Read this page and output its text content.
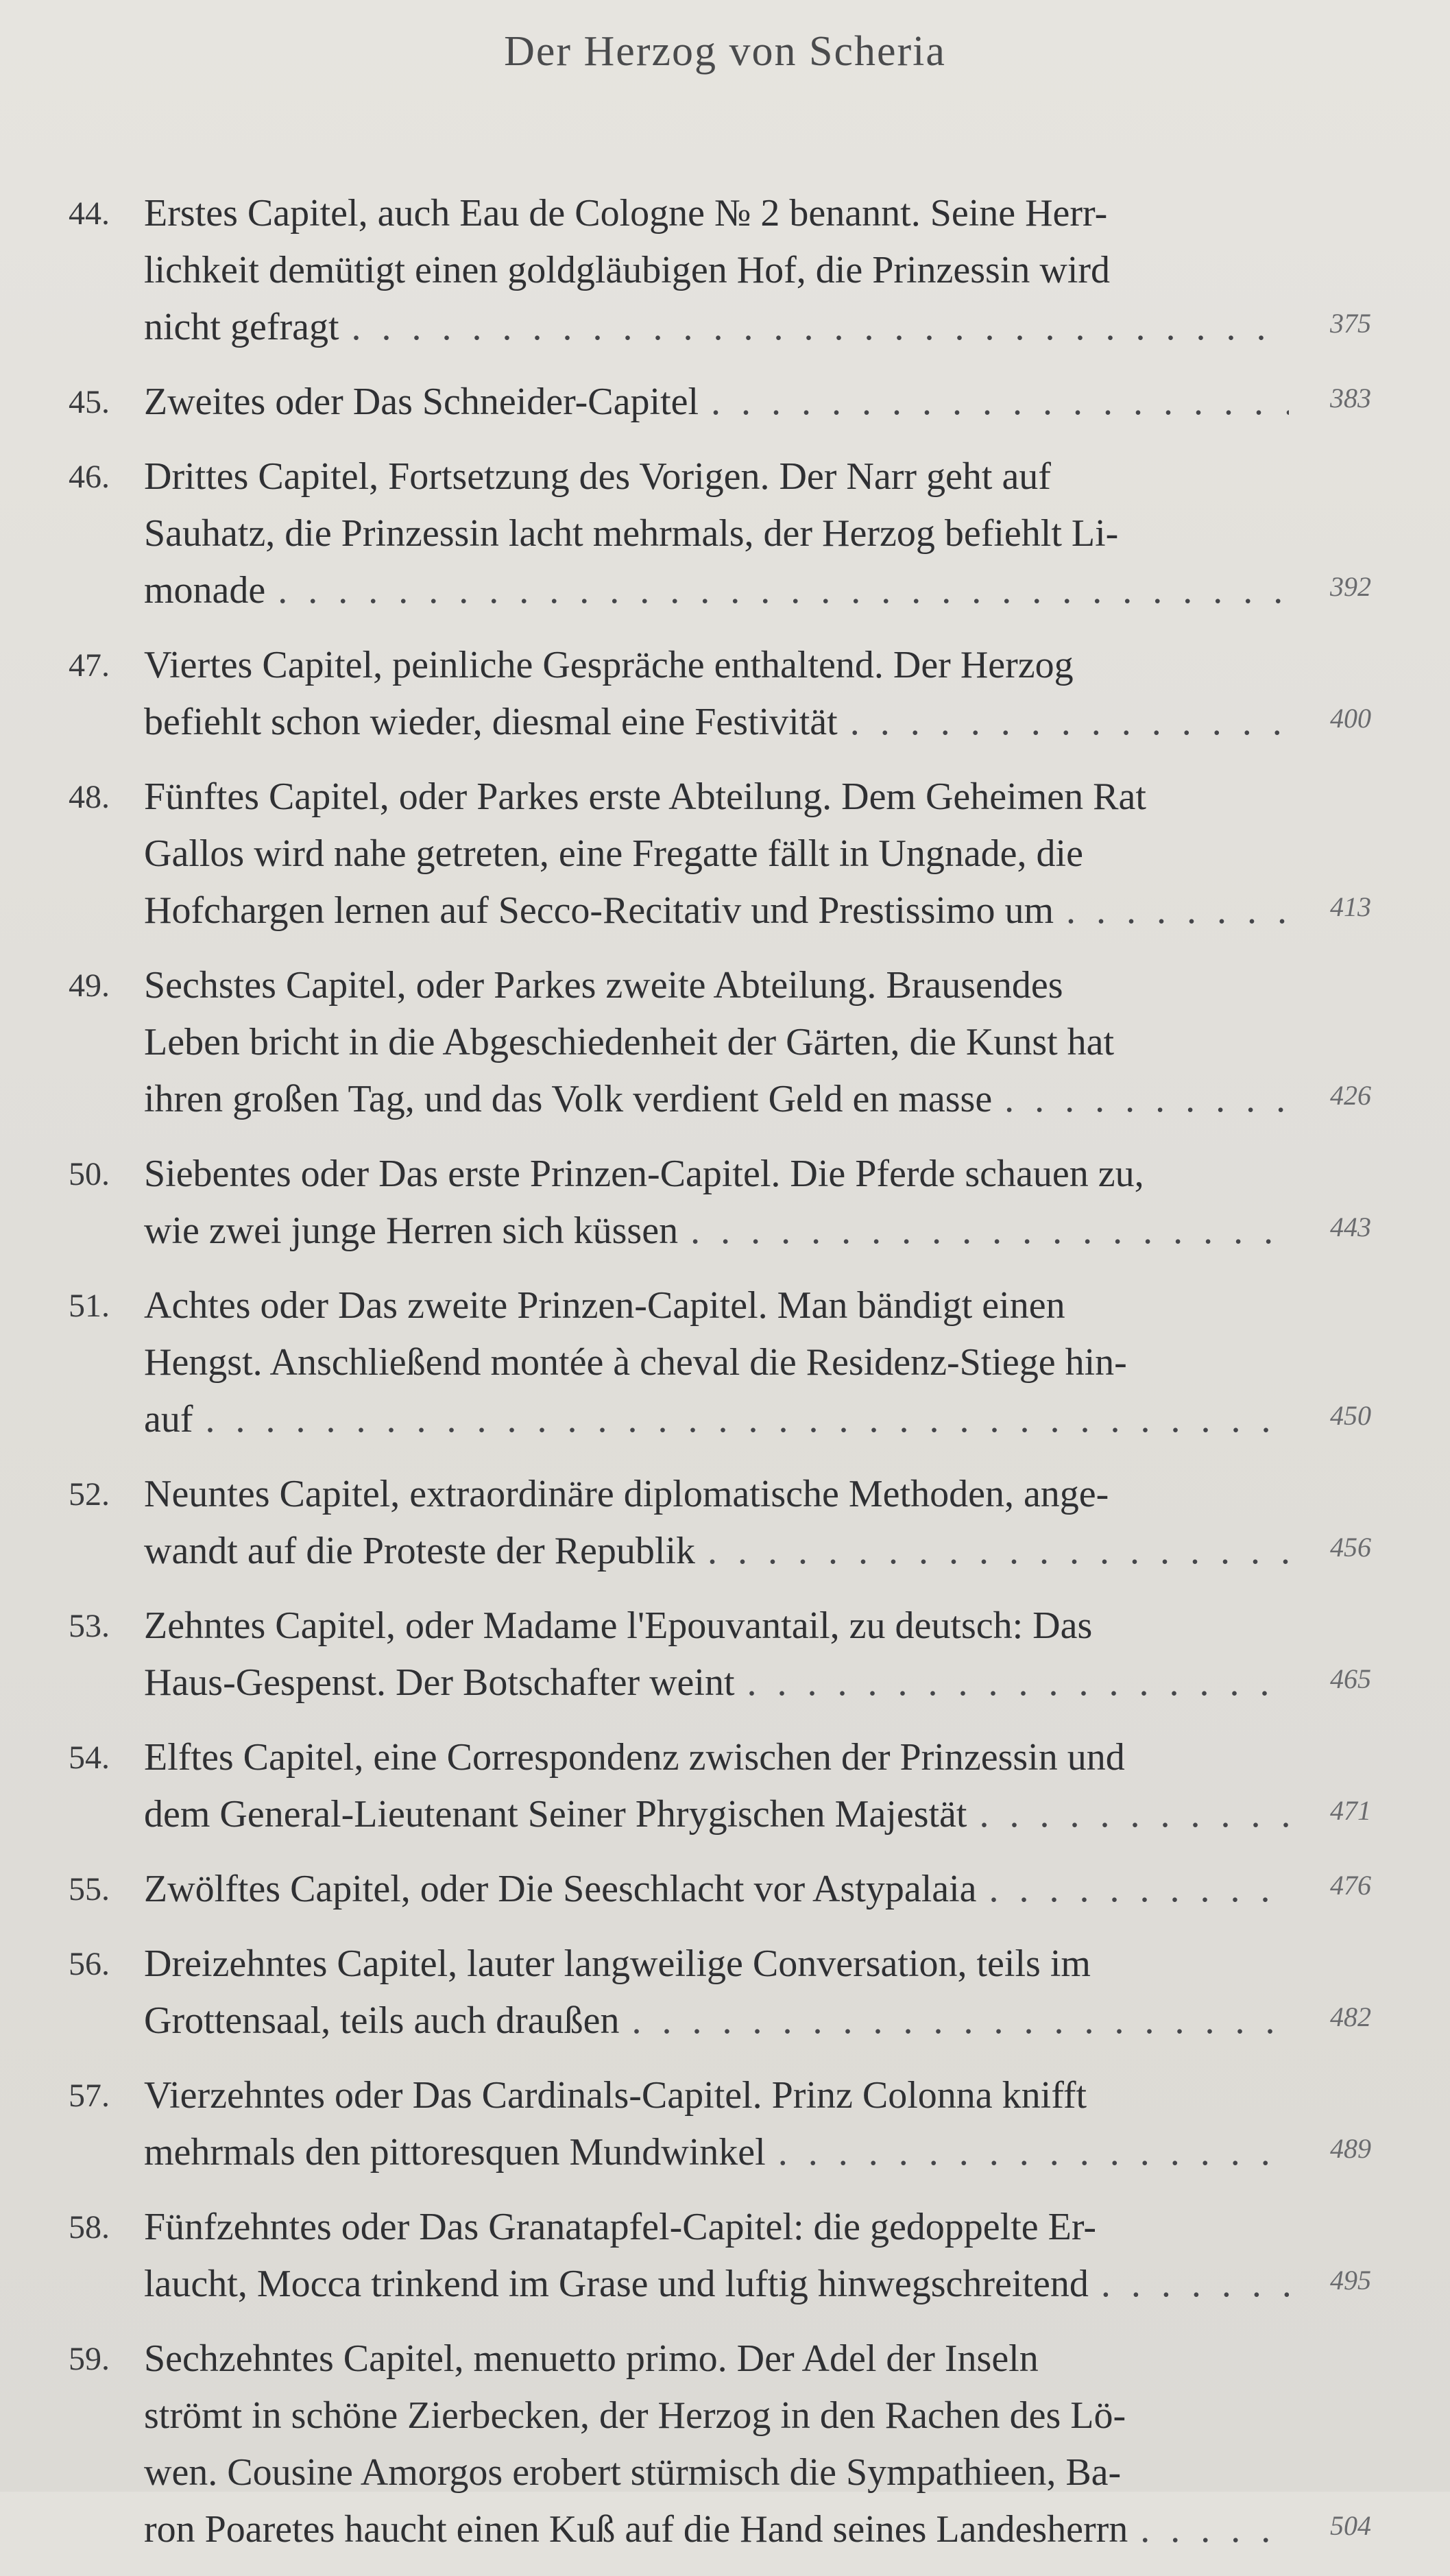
Der Herzog von Scheria
44. Erstes Capitel, auch Eau de Cologne № 2 benannt. Seine Herr-
lichkeit demütigt einen goldgläubigen Hof, die Prinzessin wird
nicht gefragt .....	375
45. Zweites oder Das Schneider-Capitel .....	383
46. Drittes Capitel, Fortsetzung des Vorigen. Der Narr geht auf
Sauhatz, die Prinzessin lacht mehrmals, der Herzog befiehlt Li-
monade .....	392
47. Viertes Capitel, peinliche Gespräche enthaltend. Der Herzog
befiehlt schon wieder, diesmal eine Festivität .....	400
48. Fünftes Capitel, oder Parkes erste Abteilung. Dem Geheimen Rat
Gallos wird nahe getreten, eine Fregatte fällt in Ungnade, die
Hofchargen lernen auf Secco-Recitativ und Prestissimo um .....	413
49. Sechstes Capitel, oder Parkes zweite Abteilung. Brausendes
Leben bricht in die Abgeschiedenheit der Gärten, die Kunst hat
ihren großen Tag, und das Volk verdient Geld en masse .....	426
50. Siebentes oder Das erste Prinzen-Capitel. Die Pferde schauen zu,
wie zwei junge Herren sich küssen .....	443
51. Achtes oder Das zweite Prinzen-Capitel. Man bändigt einen
Hengst. Anschließend montée à cheval die Residenz-Stiege hin-
auf .....	450
52. Neuntes Capitel, extraordinäre diplomatische Methoden, ange-
wandt auf die Proteste der Republik .....	456
53. Zehntes Capitel, oder Madame l'Epouvantail, zu deutsch: Das
Haus-Gespenst. Der Botschafter weint .....	465
54. Elftes Capitel, eine Correspondenz zwischen der Prinzessin und
dem General-Lieutenant Seiner Phrygischen Majestät .....	471
55. Zwölftes Capitel, oder Die Seeschlacht vor Astypalaia .....	476
56. Dreizehntes Capitel, lauter langweilige Conversation, teils im
Grottensaal, teils auch draußen .....	482
57. Vierzehntes oder Das Cardinals-Capitel. Prinz Colonna knifft
mehrmals den pittoresquen Mundwinkel .....	489
58. Fünfzehntes oder Das Granatapfel-Capitel: die gedoppelte Er-
laucht, Mocca trinkend im Grase und luftig hinwegschreitend .....	495
59. Sechzehntes Capitel, menuetto primo. Der Adel der Inseln
strömt in schöne Zierbecken, der Herzog in den Rachen des Lö-
wen. Cousine Amorgos erobert stürmisch die Sympathieen, Ba-
ron Poaretes haucht einen Kuß auf die Hand seines Landesherrn .....	504
